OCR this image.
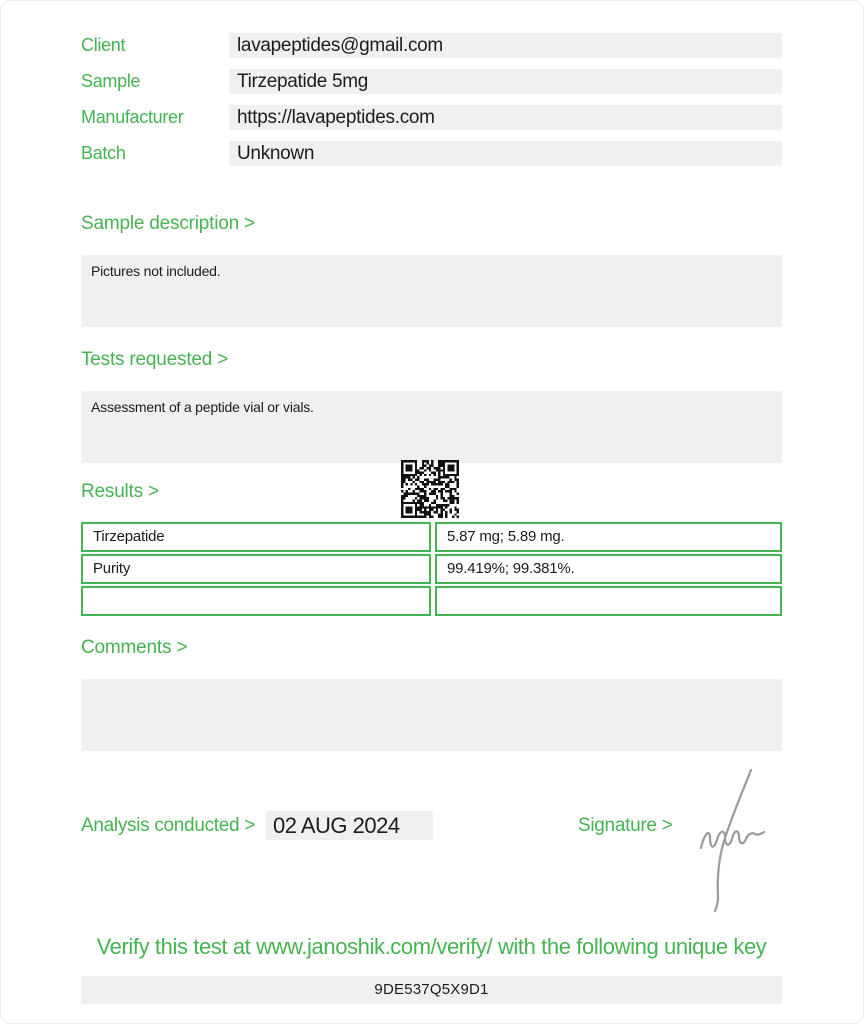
Client	lavapeptides@gmail.com
Sample	Tirzepatide 5mg
Manufacturer	https://lavapeptides.com
Batch	Unknown
Sample description >
Pictures not included.
Tests requested >
Assessment of a peptide vial or vials.
Results >
Tirzepatide	5.87 mg; 5.89 mg.
Purity	99.419%; 99.381%.
Comments >
Analysis conducted > 02 AUG 2024	Signature >
Verify this test at www.janoshik.com/verify/ with the following unique key
9DE537Q5X9D1
